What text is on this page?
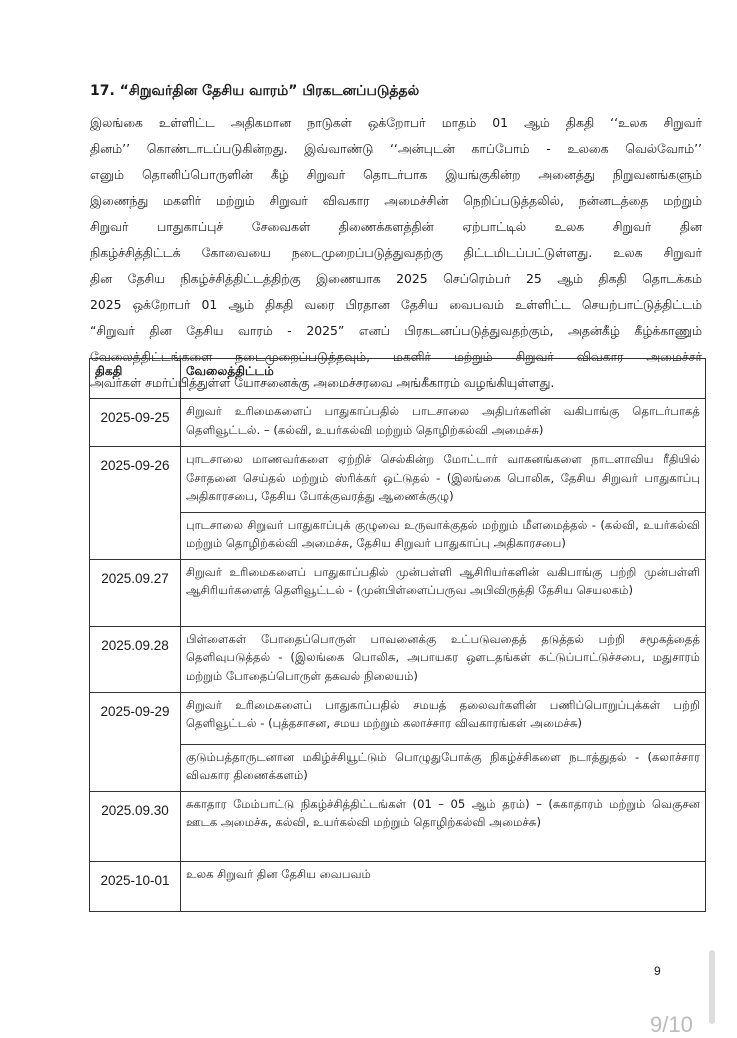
17. “சிறுவர்தின தேசிய வாரம்” பிரகடனப்படுத்தல்
இலங்கை உள்ளிட்ட அதிகமான நாடுகள் ஒக்றோபர் மாதம் 01 ஆம் திகதி ‘‘உலக சிறுவர்
தினம்’’ கொண்டாடப்படுகின்றது. இவ்வாண்டு ‘‘அன்புடன் காப்போம் - உலகை வெல்வோம்’’
எனும் தொனிப்பொருளின் கீழ் சிறுவர் தொடர்பாக இயங்குகின்ற அனைத்து நிறுவனங்களும்
இணைந்து மகளிர் மற்றும் சிறுவர் விவகார அமைச்சின் நெறிப்படுத்தலில், நன்னடத்தை மற்றும்
சிறுவர் பாதுகாப்புச் சேவைகள் திணைக்களத்தின் ஏற்பாட்டில் உலக சிறுவர் தின
நிகழ்ச்சித்திட்டக் கோவையை நடைமுறைப்படுத்துவதற்கு திட்டமிடப்பட்டுள்ளது. உலக சிறுவர்
தின தேசிய நிகழ்ச்சித்திட்டத்திற்கு இணையாக 2025 செப்ரெம்பர் 25 ஆம் திகதி தொடக்கம்
2025 ஒக்றோபர் 01 ஆம் திகதி வரை பிரதான தேசிய வைபவம் உள்ளிட்ட செயற்பாட்டுத்திட்டம்
“சிறுவர் தின தேசிய வாரம் - 2025” எனப் பிரகடனப்படுத்துவதற்கும், அதன்கீழ் கீழ்க்காணும்
வேலைத்திட்டங்களை நடைமுறைப்படுத்தவும், மகளிர் மற்றும் சிறுவர் விவகார அமைச்சர்
அவர்கள் சமர்ப்பித்துள்ள யோசனைக்கு அமைச்சரவை அங்கீகாரம் வழங்கியுள்ளது.
திகதி	வேலைத்திட்டம்
2025-09-25	சிறுவர் உரிமைகளைப் பாதுகாப்பதில் பாடசாலை அதிபர்களின் வகிபாங்கு தொடர்பாகத் தெளிவூட்டல். – (கல்வி, உயர்கல்வி மற்றும் தொழிற்கல்வி அமைச்சு)
2025-09-26	புாடசாலை மாணவர்களை ஏற்றிச் செல்கின்ற மோட்டார் வாகனங்களை நாடளாவிய ரீதியில் சோதனை செய்தல் மற்றும் ஸ்ரிக்கர் ஒட்டுதல் - (இலங்கை பொலிசு, தேசிய சிறுவர் பாதுகாப்பு அதிகாரசபை, தேசிய போக்குவரத்து ஆணைக்குழு)
	புாடசாலை சிறுவர் பாதுகாப்புக் குழுவை உருவாக்குதல் மற்றும் மீளமைத்தல் - (கல்வி, உயர்கல்வி மற்றும் தொழிற்கல்வி அமைச்சு, தேசிய சிறுவர் பாதுகாப்பு அதிகாரசபை)
2025.09.27	சிறுவர் உரிமைகளைப் பாதுகாப்பதில் முன்பள்ளி ஆசிரியர்களின் வகிபாங்கு பற்றி முன்பள்ளி ஆசிரியர்களைத் தெளிவூட்டல் - (முன்பிள்ளைப்பருவ அபிவிருத்தி தேசிய செயலகம்)
2025.09.28	பிள்ளைகள் போதைப்பொருள் பாவனைக்கு உட்படுவதைத் தடுத்தல் பற்றி சமூகத்தைத் தெளிவுபடுத்தல் - (இலங்கை பொலிசு, அபாயகர ஔடதங்கள் கட்டுப்பாட்டுச்சபை, மதுசாரம் மற்றும் போதைப்பொருள் தகவல் நிலையம்)
2025-09-29	சிறுவர் உரிமைகளைப் பாதுகாப்பதில் சமயத் தலைவர்களின் பணிப்பொறுப்புக்கள் பற்றி தெளிவூட்டல் - (புத்தசாசன, சமய மற்றும் கலாச்சார விவகாரங்கள் அமைச்சு)
	குடும்பத்தாருடனான மகிழ்ச்சியூட்டும் பொழுதுபோக்கு நிகழ்ச்சிகளை நடாத்துதல் - (கலாச்சார விவகார திணைக்களம்)
2025.09.30	சுகாதார மேம்பாட்டு நிகழ்ச்சித்திட்டங்கள் (01 – 05 ஆம் தரம்) – (சுகாதாரம் மற்றும் வெகுசன ஊடக அமைச்சு, கல்வி, உயர்கல்வி மற்றும் தொழிற்கல்வி அமைச்சு)
2025-10-01	உலக சிறுவர் தின தேசிய வைபவம்
9
9/10
